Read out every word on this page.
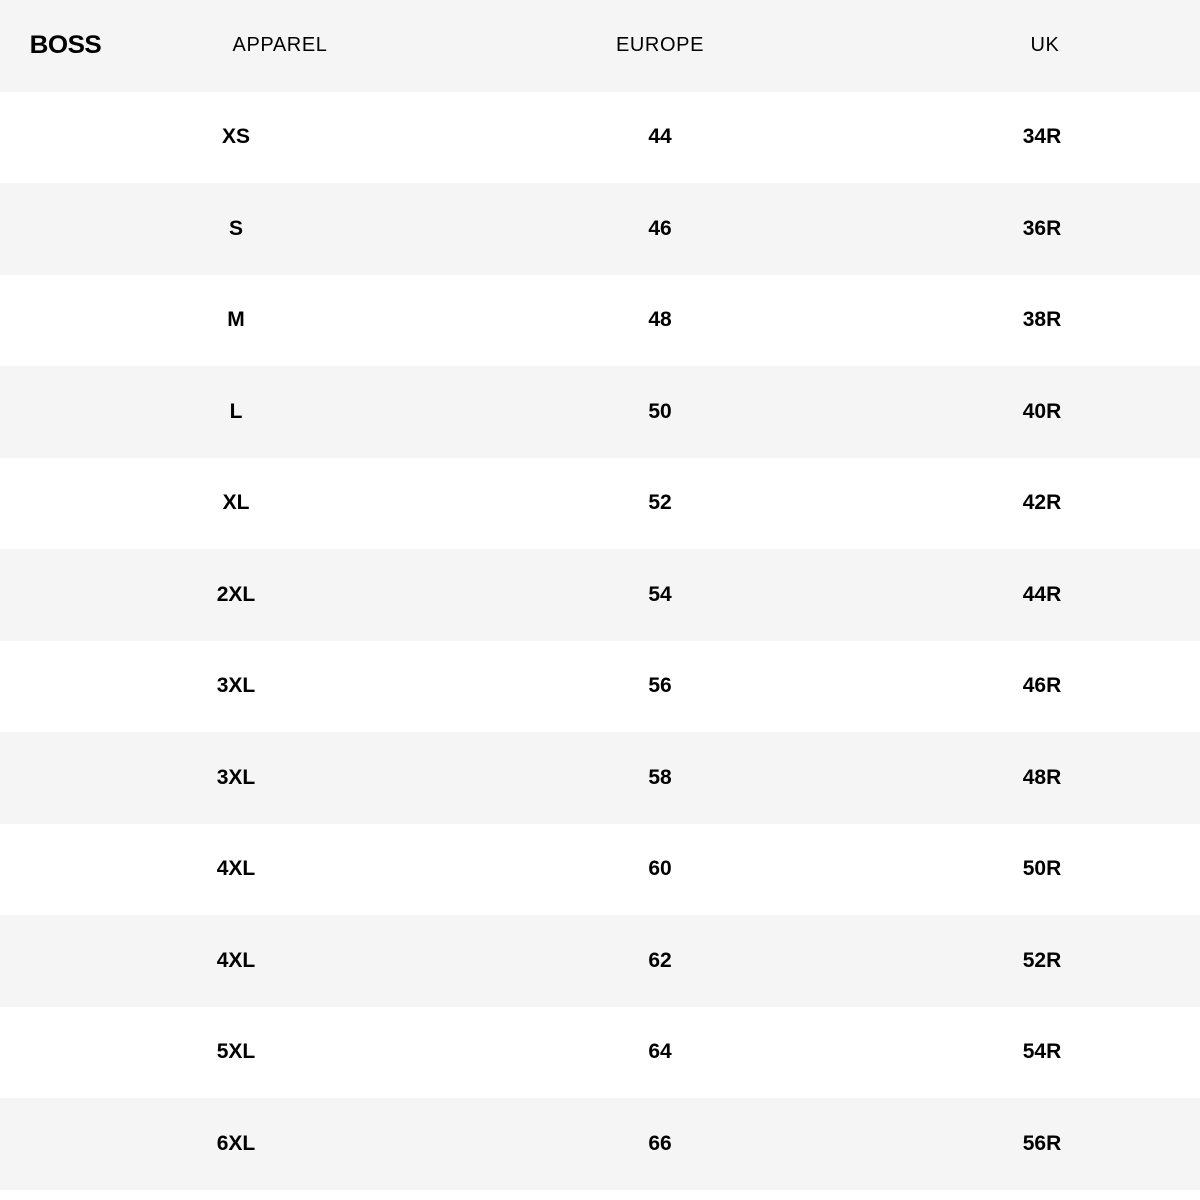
BOSS	APPAREL	EUROPE	UK
	XS	44	34R
	S	46	36R
	M	48	38R
	L	50	40R
	XL	52	42R
	2XL	54	44R
	3XL	56	46R
	3XL	58	48R
	4XL	60	50R
	4XL	62	52R
	5XL	64	54R
	6XL	66	56R
